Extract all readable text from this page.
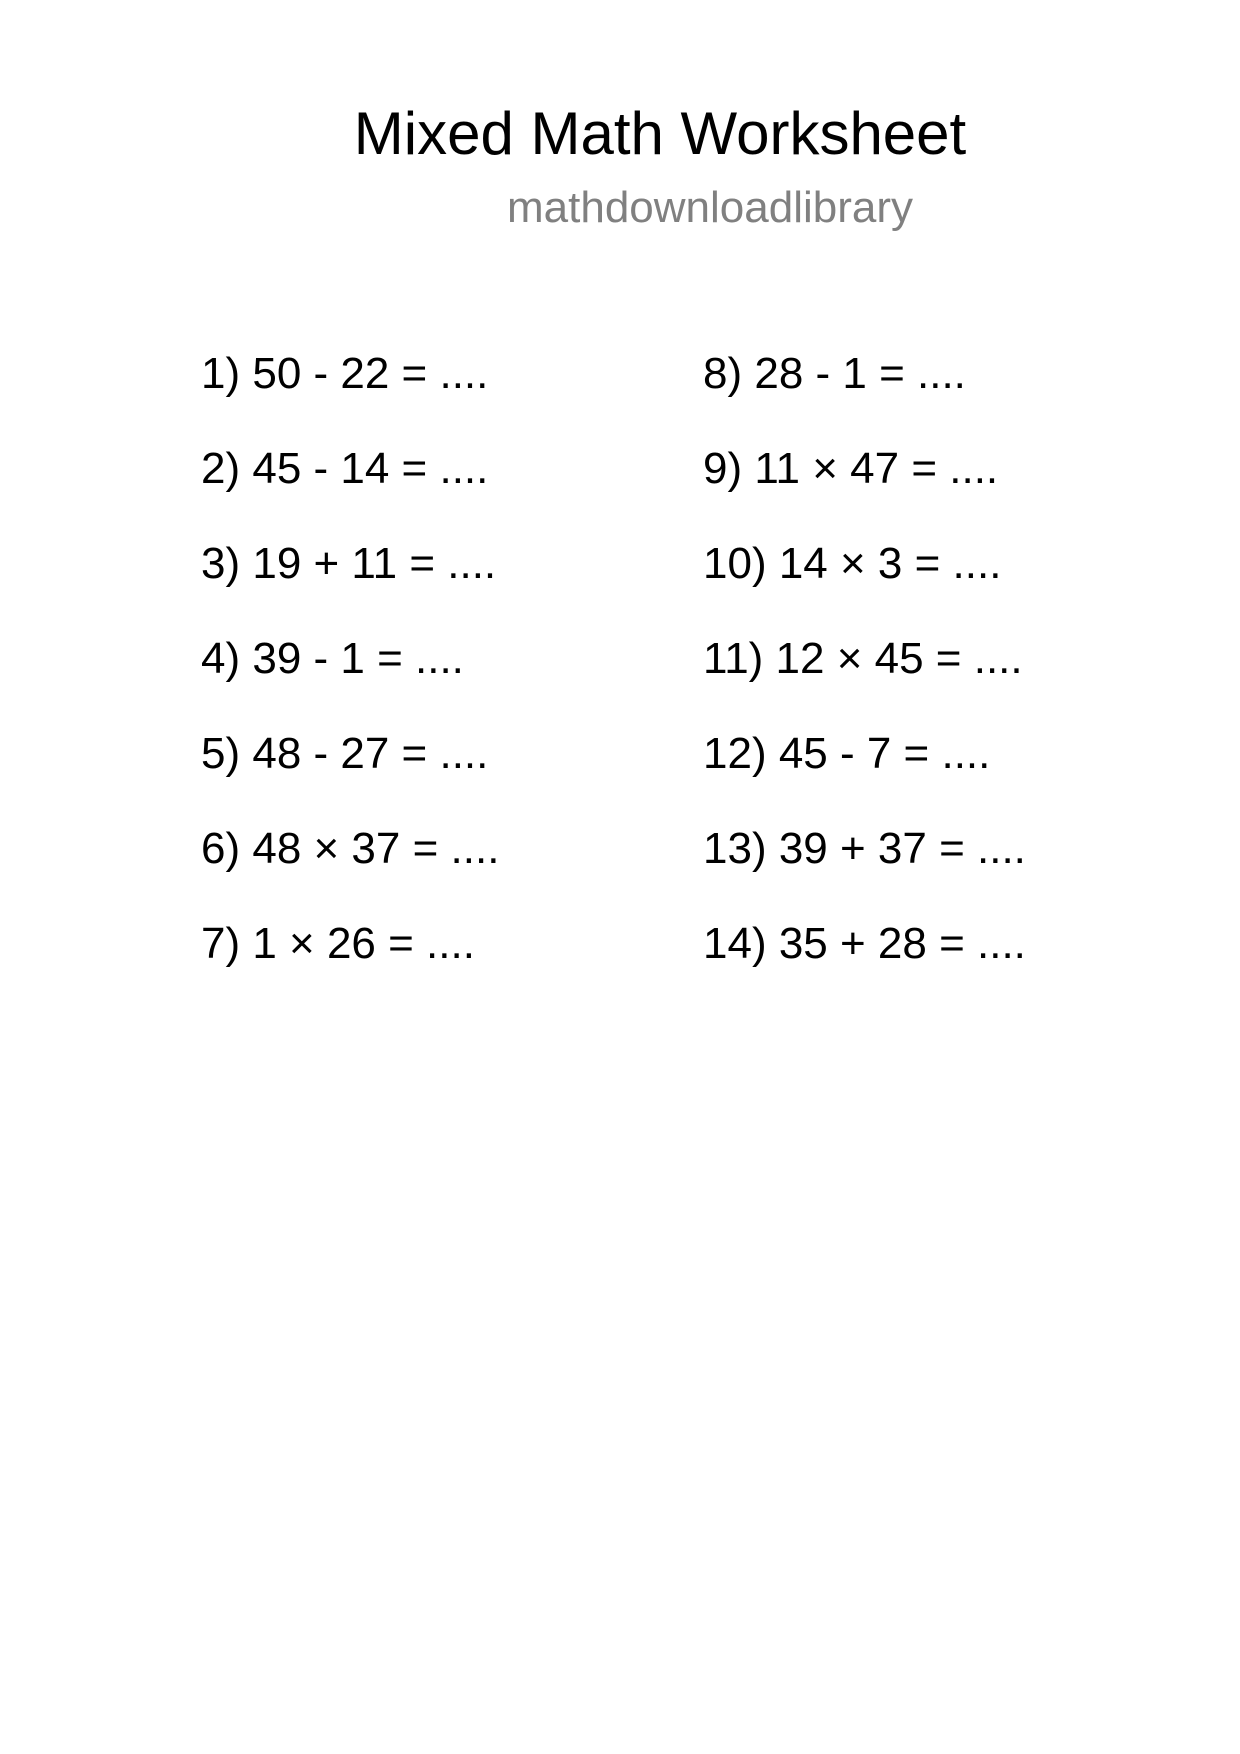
Mixed Math Worksheet
mathdownloadlibrary
1) 50 - 22 = ....
2) 45 - 14 = ....
3) 19 + 11 = ....
4) 39 - 1 = ....
5) 48 - 27 = ....
6) 48 × 37 = ....
7) 1 × 26 = ....
8) 28 - 1 = ....
9) 11 × 47 = ....
10) 14 × 3 = ....
11) 12 × 45 = ....
12) 45 - 7 = ....
13) 39 + 37 = ....
14) 35 + 28 = ....
